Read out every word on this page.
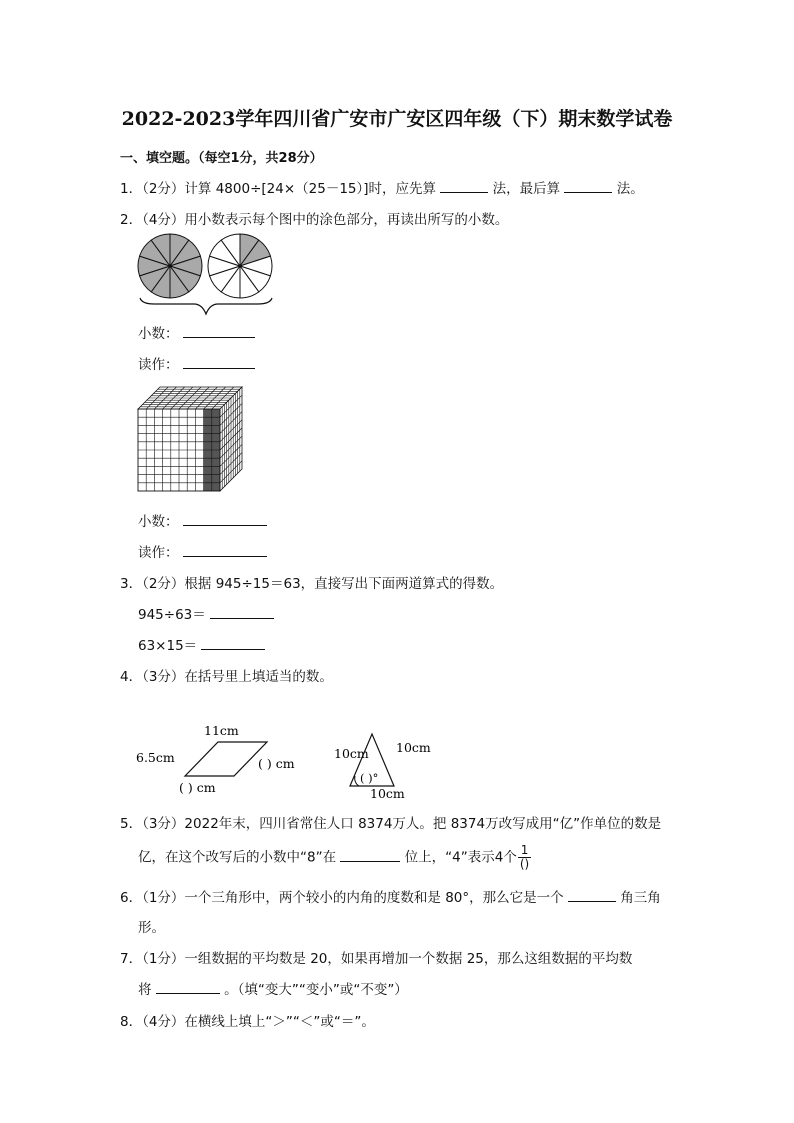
2022-2023学年四川省广安市广安区四年级（下）期末数学试卷
一、填空题。（每空1分，共28分）
1．（2分）计算 4800÷[24×（25－15）]时，应先算	法，最后算	法。
2．（4分）用小数表示每个图中的涂色部分，再读出所写的小数。
小数：
读作：
小数：
读作：
3．（2分）根据 945÷15＝63，直接写出下面两道算式的得数。
945÷63＝
63×15＝
4．（3分）在括号里上填适当的数。
11cm
6.5cm	( ) cm
( ) cm
10cm 10cm
( )°
10cm
5．（3分）2022年末，四川省常住人口 8374万人。把 8374万改写成用“亿”作单位的数是
亿，在这个改写后的小数中“8”在	位上，“4”表示4个 $\frac{1}{()}$
6．（1分）一个三角形中，两个较小的内角的度数和是 80°，那么它是一个	角三角
形。
7．（1分）一组数据的平均数是 20，如果再增加一个数据 25，那么这组数据的平均数
将	。（填“变大”“变小”或“不变”）
8．（4分）在横线上填上“＞”“＜”或“＝”。
